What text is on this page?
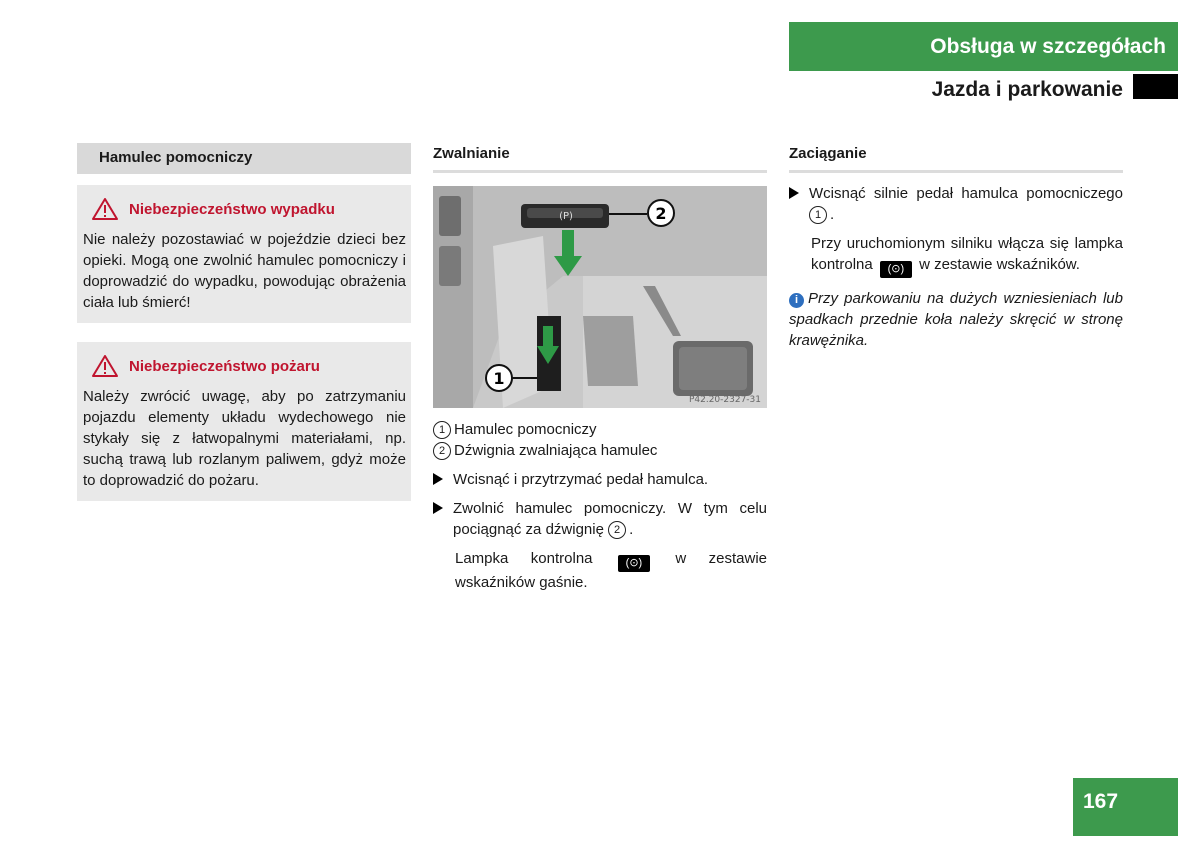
Obsługa w szczegółach
Jazda i parkowanie
Hamulec pomocniczy
Niebezpieczeństwo wypadku
Nie należy pozostawiać w pojeździe dzieci bez opieki. Mogą one zwolnić hamulec pomocniczy i doprowadzić do wypadku, powodując obrażenia ciała lub śmierć!
Niebezpieczeństwo pożaru
Należy zwrócić uwagę, aby po zatrzymaniu pojazdu elementy układu wydechowego nie stykały się z łatwopalnymi materiałami, np. suchą trawą lub rozlanym paliwem, gdyż może to doprowadzić do pożaru.
Zwalnianie
(P)	2
1
P42.20-2327-31
1 Hamulec pomocniczy
2 Dźwignia zwalniająca hamulec
Wcisnąć i przytrzymać pedał hamulca.
Zwolnić hamulec pomocniczy. W tym celu pociągnąć za dźwignię 2 .
Lampka kontrolna	(⊙) w zestawie wskaźników gaśnie.
Zaciąganie
Wcisnąć silnie pedał hamulca pomocniczego 1 .
Przy uruchomionym silniku włącza się lampka kontrolna (⊙) w zestawie wskaźników.
i Przy parkowaniu na dużych wzniesieniach lub spadkach przednie koła należy skręcić w stronę krawężnika.
167
